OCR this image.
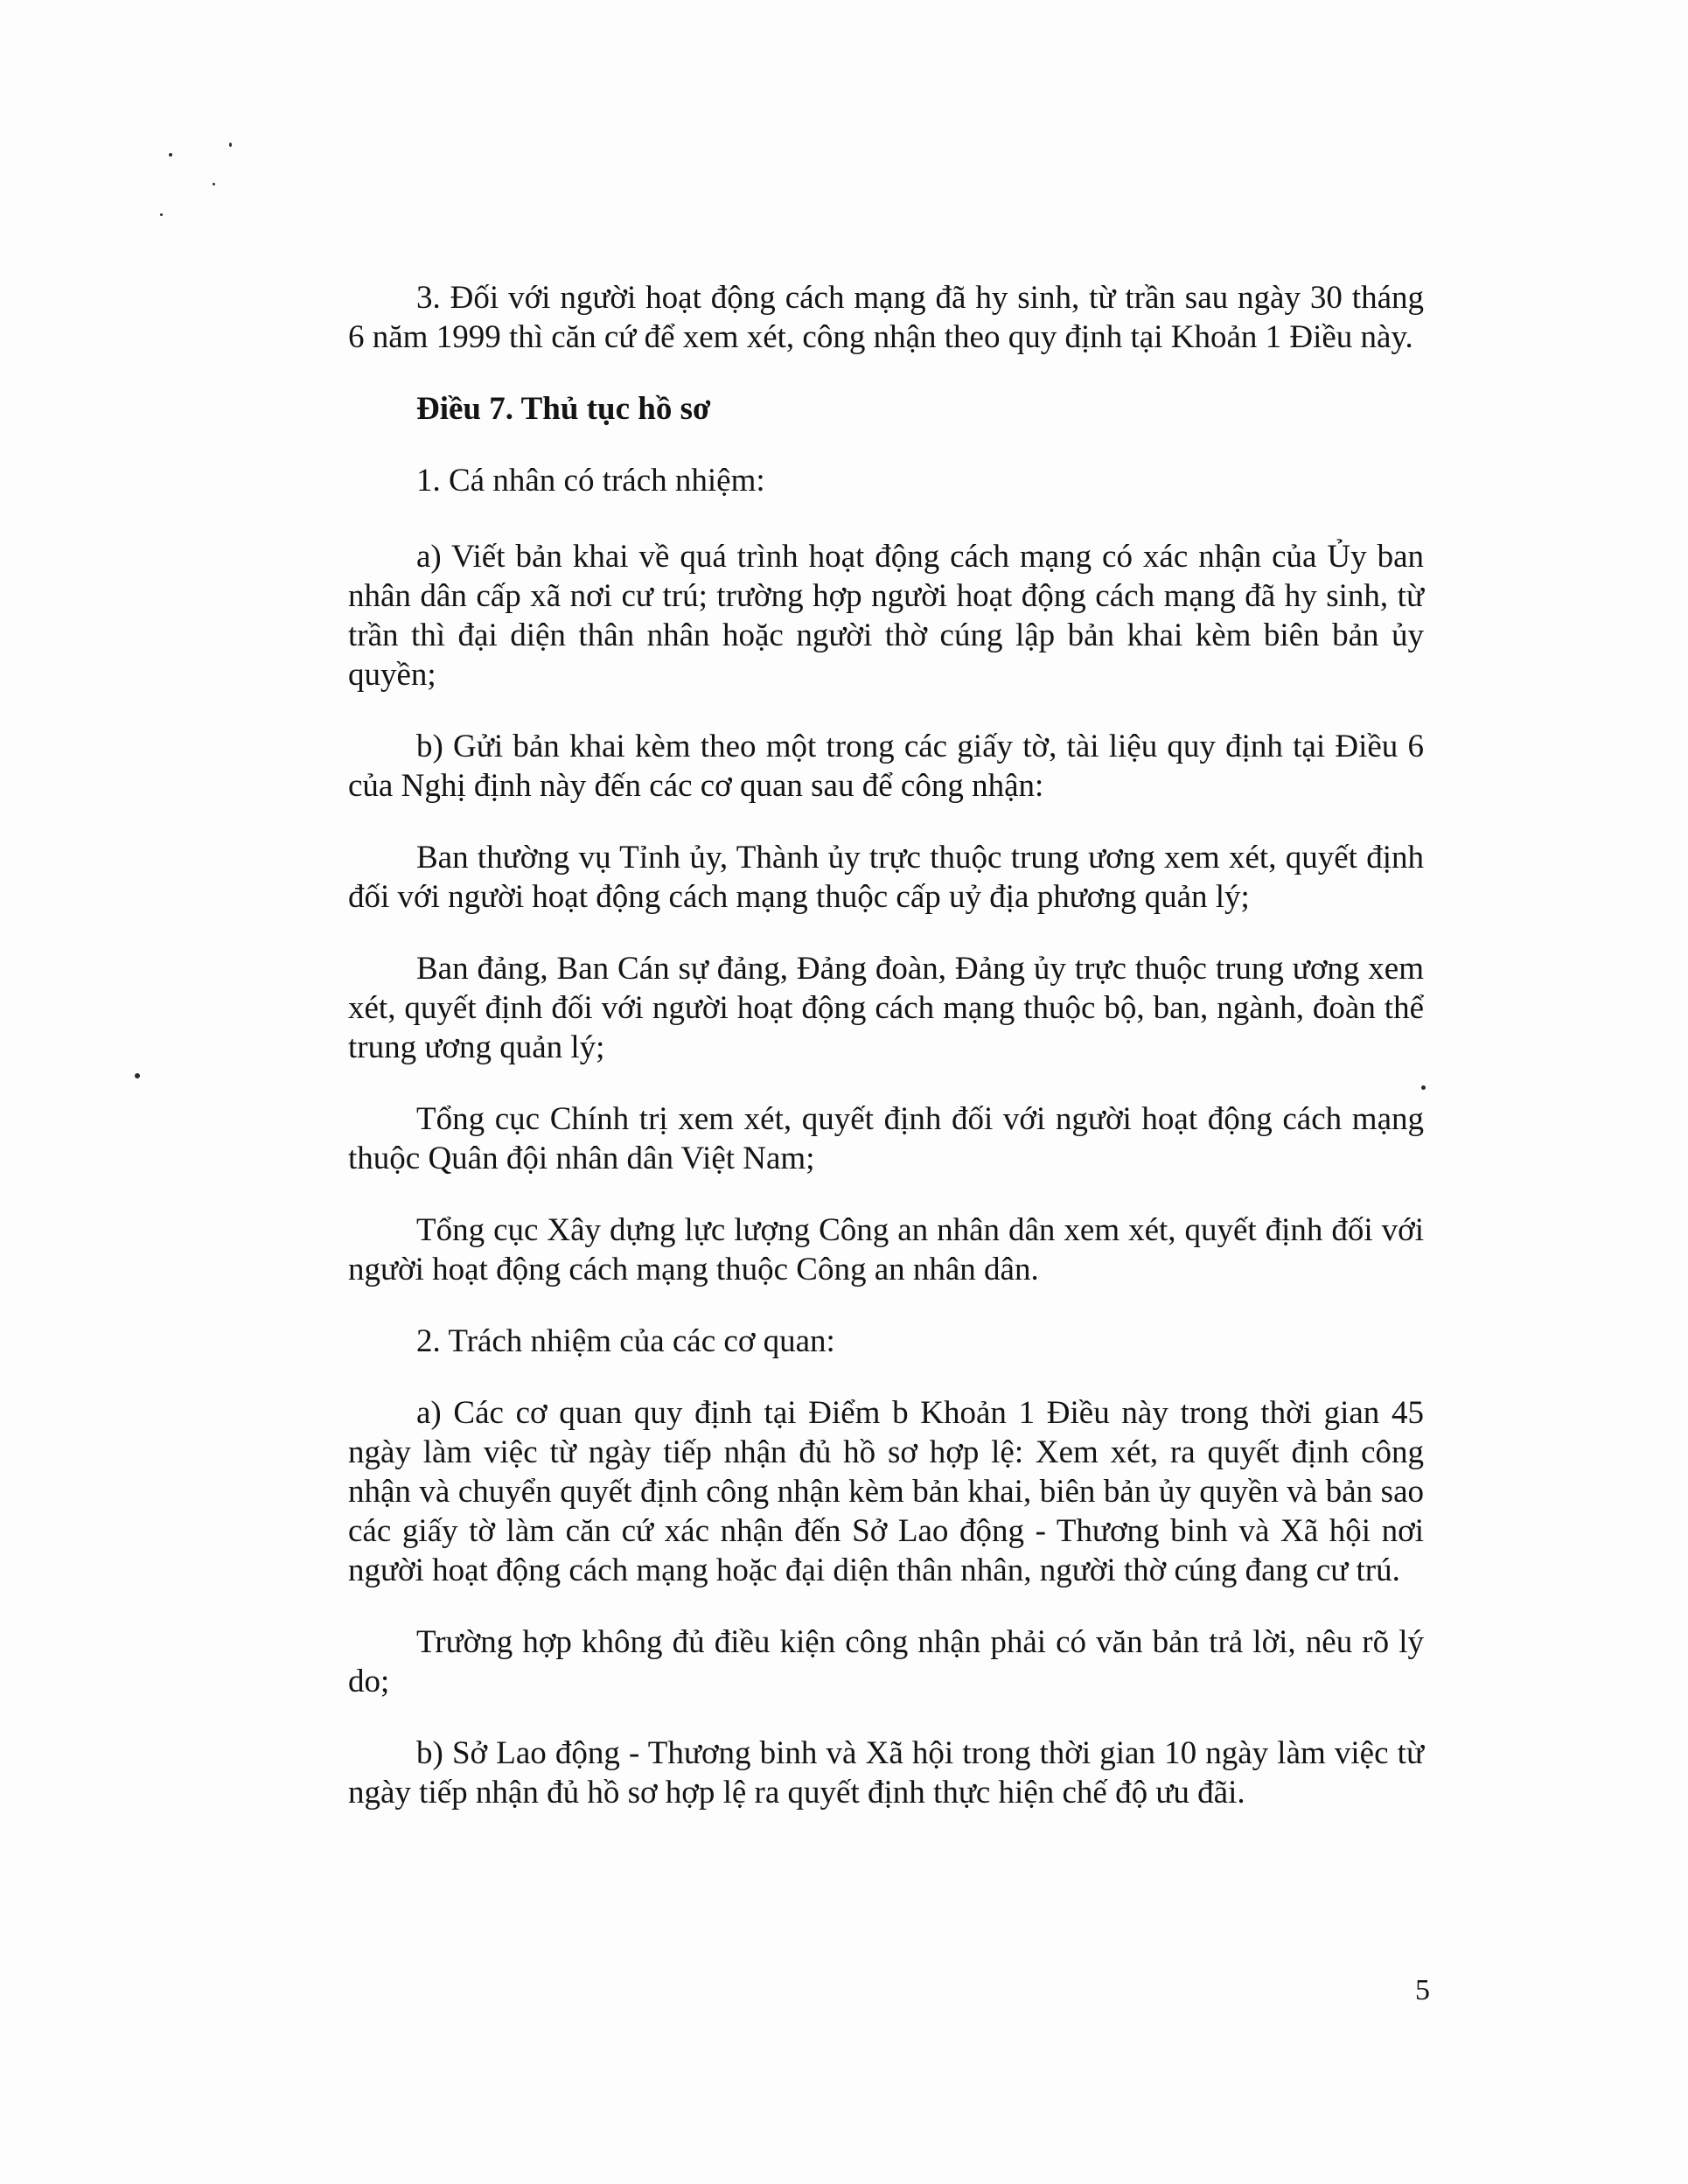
3. Đối với người hoạt động cách mạng đã hy sinh, từ trần sau ngày 30 tháng 6 năm 1999 thì căn cứ để xem xét, công nhận theo quy định tại Khoản 1 Điều này.

Điều 7. Thủ tục hồ sơ

1. Cá nhân có trách nhiệm:

a) Viết bản khai về quá trình hoạt động cách mạng có xác nhận của Ủy ban nhân dân cấp xã nơi cư trú; trường hợp người hoạt động cách mạng đã hy sinh, từ trần thì đại diện thân nhân hoặc người thờ cúng lập bản khai kèm biên bản ủy quyền;

b) Gửi bản khai kèm theo một trong các giấy tờ, tài liệu quy định tại Điều 6 của Nghị định này đến các cơ quan sau để công nhận:

Ban thường vụ Tỉnh ủy, Thành ủy trực thuộc trung ương xem xét, quyết định đối với người hoạt động cách mạng thuộc cấp uỷ địa phương quản lý;

Ban đảng, Ban Cán sự đảng, Đảng đoàn, Đảng ủy trực thuộc trung ương xem xét, quyết định đối với người hoạt động cách mạng thuộc bộ, ban, ngành, đoàn thể trung ương quản lý;

Tổng cục Chính trị xem xét, quyết định đối với người hoạt động cách mạng thuộc Quân đội nhân dân Việt Nam;

Tổng cục Xây dựng lực lượng Công an nhân dân xem xét, quyết định đối với người hoạt động cách mạng thuộc Công an nhân dân.

2. Trách nhiệm của các cơ quan:

a) Các cơ quan quy định tại Điểm b Khoản 1 Điều này trong thời gian 45 ngày làm việc từ ngày tiếp nhận đủ hồ sơ hợp lệ: Xem xét, ra quyết định công nhận và chuyển quyết định công nhận kèm bản khai, biên bản ủy quyền và bản sao các giấy tờ làm căn cứ xác nhận đến Sở Lao động - Thương binh và Xã hội nơi người hoạt động cách mạng hoặc đại diện thân nhân, người thờ cúng đang cư trú.

Trường hợp không đủ điều kiện công nhận phải có văn bản trả lời, nêu rõ lý do;

b) Sở Lao động - Thương binh và Xã hội trong thời gian 10 ngày làm việc từ ngày tiếp nhận đủ hồ sơ hợp lệ ra quyết định thực hiện chế độ ưu đãi.

5
